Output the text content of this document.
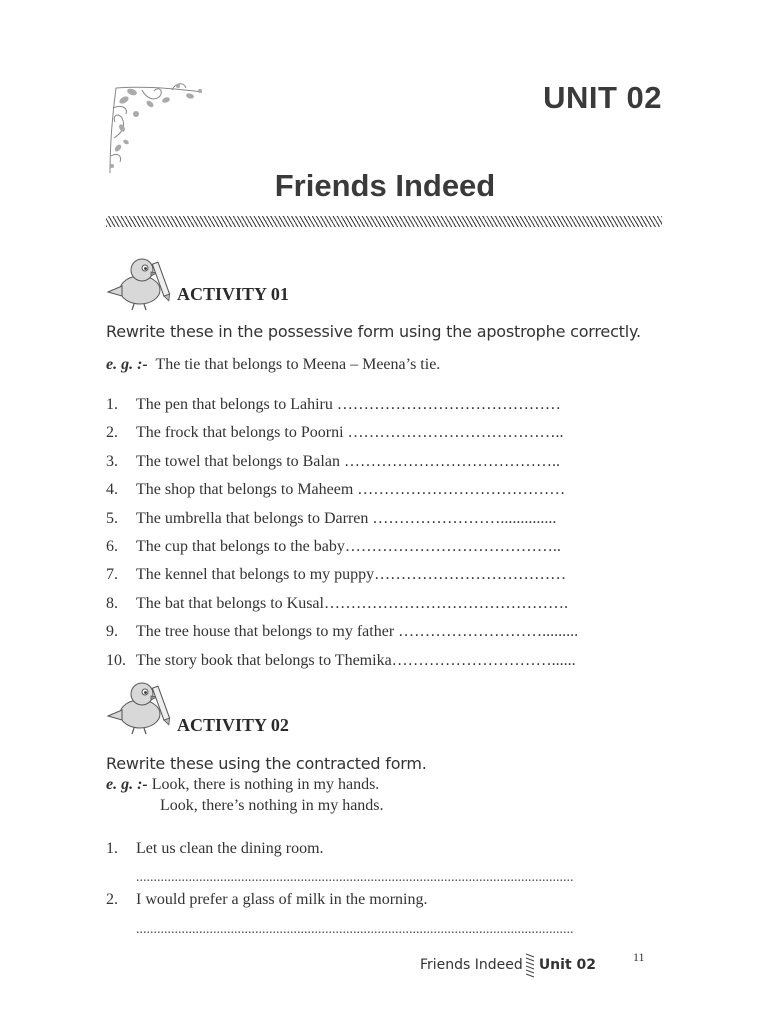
UNIT 02
Friends Indeed
ACTIVITY 01
Rewrite these in the possessive form using the apostrophe correctly.
e. g. :- The tie that belongs to Meena – Meena’s tie.
1.	The pen that belongs to Lahiru ……………………………………
2.	The frock that belongs to Poorni …………………………………..
3.	The towel that belongs to Balan …………………………………..
4.	The shop that belongs to Maheem …………………………………
5.	The umbrella that belongs to Darren ……………………..............
6.	The cup that belongs to the baby…………………………………..
7.	The kennel that belongs to my puppy………………………………
8.	The bat that belongs to Kusal……………………………………….
9.	The tree house that belongs to my father ……………………….........
10. The story book that belongs to Themika…………………………......
ACTIVITY 02
Rewrite these using the contracted form.
e. g. :- Look, there is nothing in my hands.
Look, there’s nothing in my hands.
1. Let us clean the dining room.
.............................................................................................................................
2. I would prefer a glass of milk in the morning.
.............................................................................................................................
Friends Indeed Unit 02	11
